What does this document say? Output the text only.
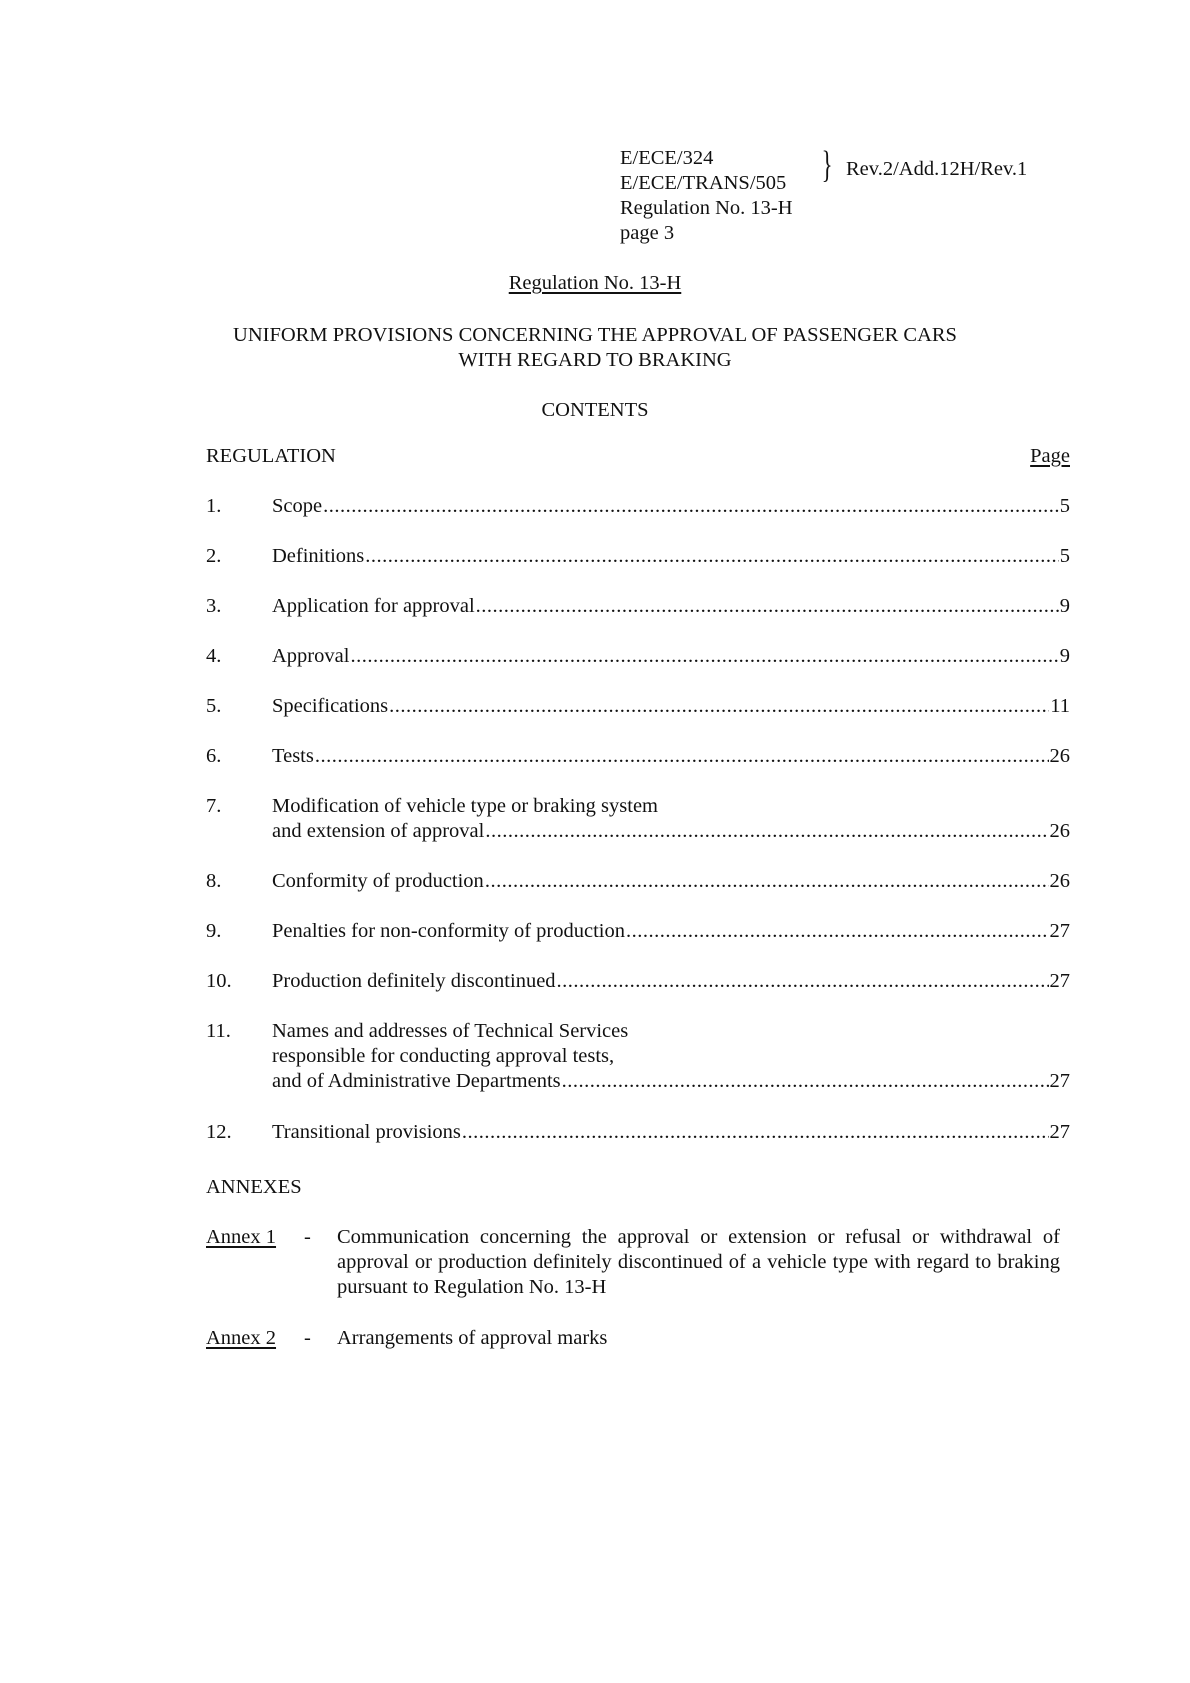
E/ECE/324
E/ECE/TRANS/505
Regulation No. 13-H
page 3
} Rev.2/Add.12H/Rev.1
Regulation No. 13-H
UNIFORM PROVISIONS CONCERNING THE APPROVAL OF PASSENGER CARS
WITH REGARD TO BRAKING
CONTENTS
REGULATION	Page
1. Scope .....	5
2. Definitions .....	5
3. Application for approval .....	9
4. Approval .....	9
5. Specifications .....	11
6. Tests .....	26
7. Modification of vehicle type or braking system
and extension of approval .....	26
8. Conformity of production .....	26
9. Penalties for non-conformity of production .....	27
10. Production definitely discontinued .....	27
11. Names and addresses of Technical Services
responsible for conducting approval tests,
and of Administrative Departments .....	27
12. Transitional provisions .....	27
ANNEXES
Annex 1 - Communication concerning the approval or extension or refusal or withdrawal of approval or production definitely discontinued of a vehicle type with regard to braking pursuant to Regulation No. 13-H
Annex 2 - Arrangements of approval marks
